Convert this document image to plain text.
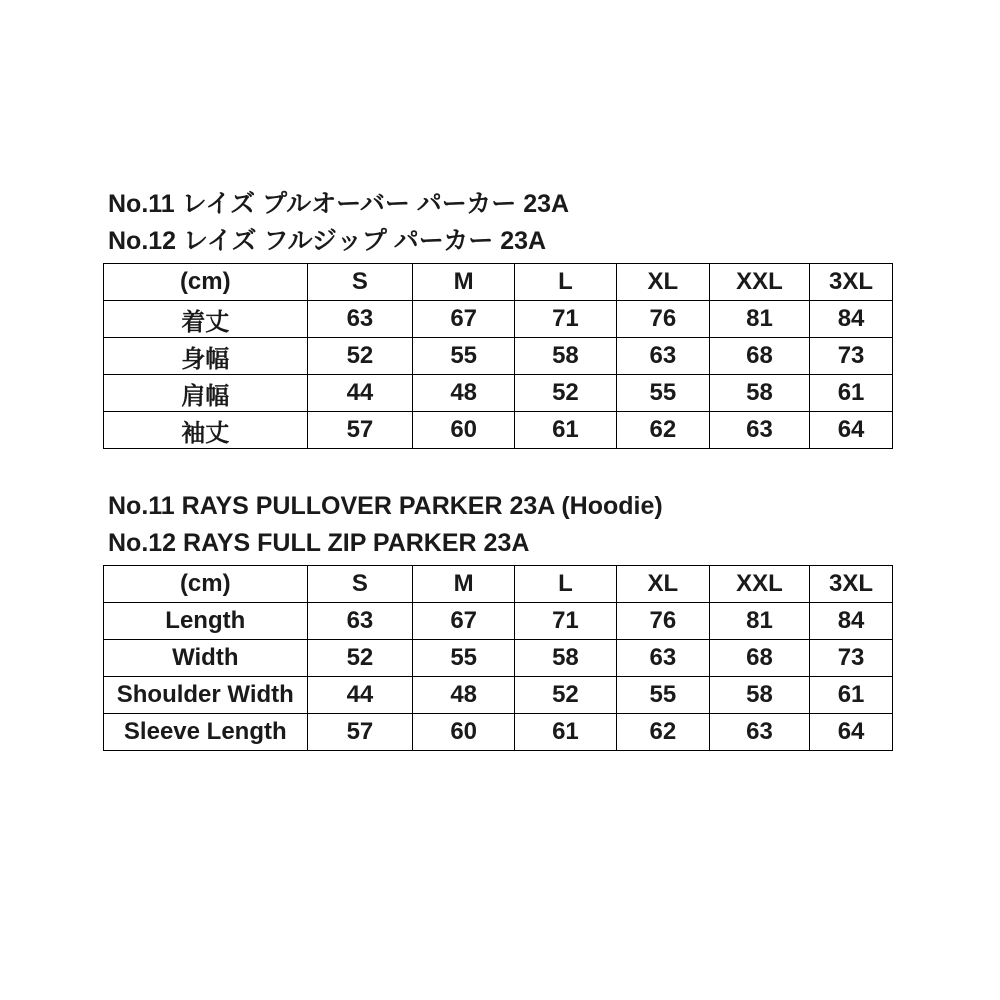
No.11 レイズ プルオーバー パーカー 23A
No.12 レイズ フルジップ パーカー 23A
(cm)	S	M	L	XL	XXL	3XL
着丈	63	67	71	76	81	84
身幅	52	55	58	63	68	73
肩幅	44	48	52	55	58	61
袖丈	57	60	61	62	63	64
No.11 RAYS PULLOVER PARKER 23A (Hoodie)
No.12 RAYS FULL ZIP PARKER 23A
(cm)	S	M	L	XL	XXL	3XL
Length	63	67	71	76	81	84
Width	52	55	58	63	68	73
Shoulder Width	44	48	52	55	58	61
Sleeve Length	57	60	61	62	63	64
